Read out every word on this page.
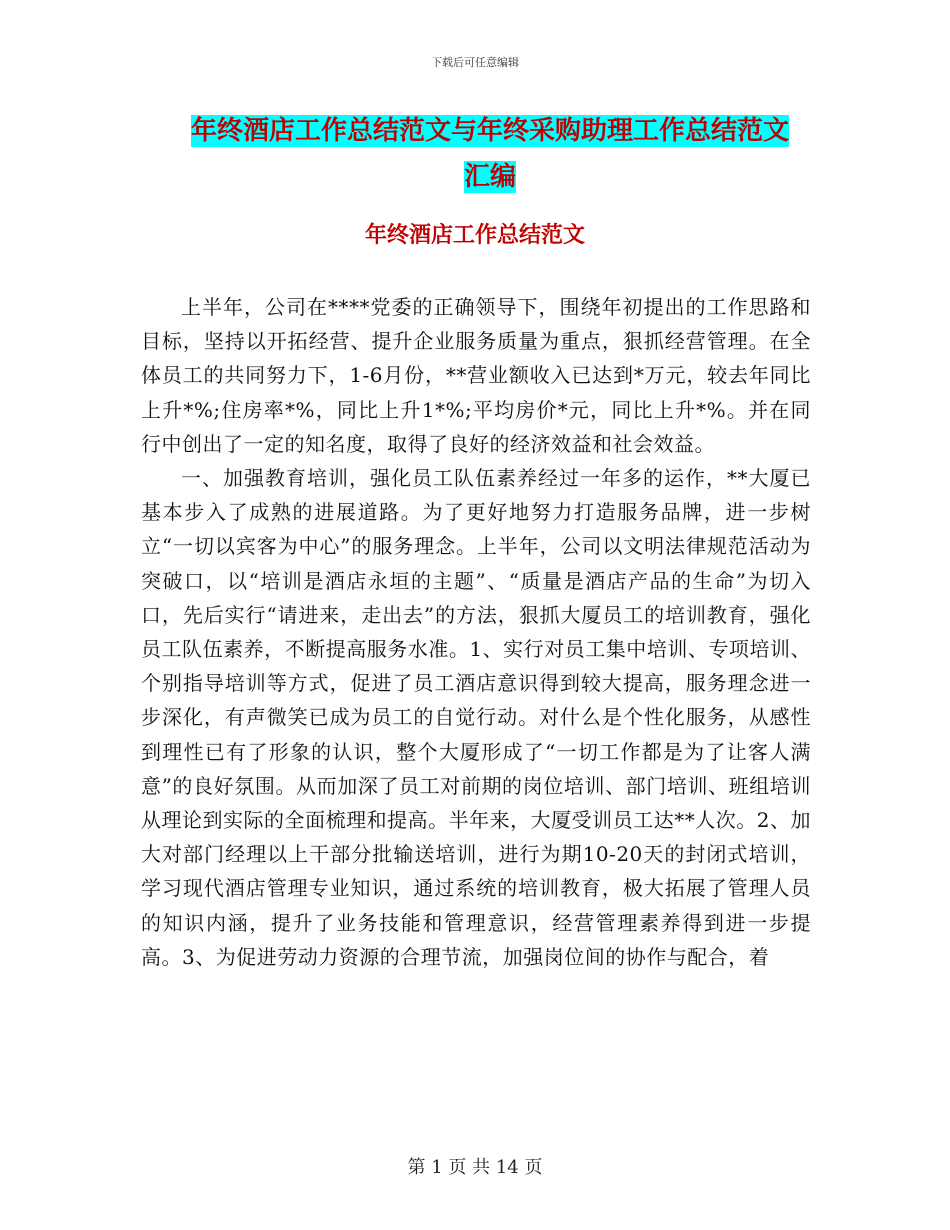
下载后可任意编辑
年终酒店工作总结范文与年终采购助理工作总结范文
汇编
年终酒店工作总结范文

上半年，公司在****党委的正确领导下，围绕年初提出的工作思路和目标，坚持以开拓经营、提升企业服务质量为重点，狠抓经营管理。在全体员工的共同努力下，1-6月份，**营业额收入已达到*万元，较去年同比上升*%;住房率*%，同比上升1*%;平均房价*元，同比上升*%。并在同行中创出了一定的知名度，取得了良好的经济效益和社会效益。

一、加强教育培训，强化员工队伍素养经过一年多的运作，**大厦已基本步入了成熟的进展道路。为了更好地努力打造服务品牌，进一步树立“一切以宾客为中心”的服务理念。上半年，公司以文明法律规范活动为突破口，以“培训是酒店永垣的主题”、“质量是酒店产品的生命”为切入口，先后实行“请进来，走出去”的方法，狠抓大厦员工的培训教育，强化员工队伍素养，不断提高服务水准。1、实行对员工集中培训、专项培训、个别指导培训等方式，促进了员工酒店意识得到较大提高，服务理念进一步深化，有声微笑已成为员工的自觉行动。对什么是个性化服务，从感性到理性已有了形象的认识，整个大厦形成了“一切工作都是为了让客人满意”的良好氛围。从而加深了员工对前期的岗位培训、部门培训、班组培训从理论到实际的全面梳理和提高。半年来，大厦受训员工达**人次。2、加大对部门经理以上干部分批输送培训，进行为期10-20天的封闭式培训，学习现代酒店管理专业知识，通过系统的培训教育，极大拓展了管理人员的知识内涵，提升了业务技能和管理意识，经营管理素养得到进一步提高。3、为促进劳动力资源的合理节流，加强岗位间的协作与配合，着

第 1 页 共 14 页
